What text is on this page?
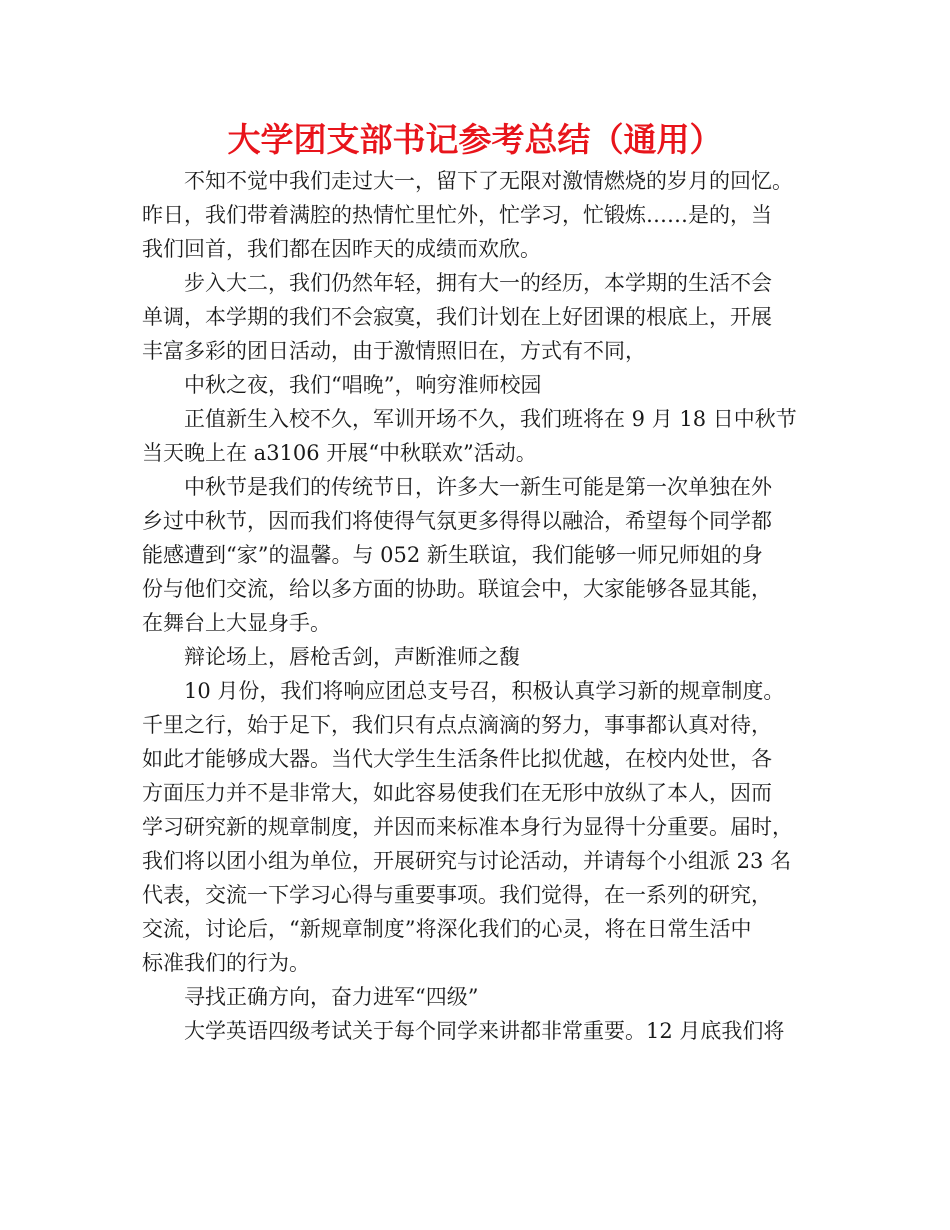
大学团支部书记参考总结（通用）
不知不觉中我们走过大一，留下了无限对激情燃烧的岁月的回忆。
昨日，我们带着满腔的热情忙里忙外，忙学习，忙锻炼……是的，当
我们回首，我们都在因昨天的成绩而欢欣。
步入大二，我们仍然年轻，拥有大一的经历，本学期的生活不会
单调，本学期的我们不会寂寞，我们计划在上好团课的根底上，开展
丰富多彩的团日活动，由于激情照旧在，方式有不同，
中秋之夜，我们“唱晚”，响穷淮师校园
正值新生入校不久，军训开场不久，我们班将在 9 月 18 日中秋节
当天晚上在 a3106 开展“中秋联欢”活动。
中秋节是我们的传统节日，许多大一新生可能是第一次单独在外
乡过中秋节，因而我们将使得气氛更多得得以融洽，希望每个同学都
能感遭到“家”的温馨。与 052 新生联谊，我们能够一师兄师姐的身
份与他们交流，给以多方面的协助。联谊会中，大家能够各显其能，
在舞台上大显身手。
辩论场上，唇枪舌剑，声断淮师之馥
10 月份，我们将响应团总支号召，积极认真学习新的规章制度。
千里之行，始于足下，我们只有点点滴滴的努力，事事都认真对待，
如此才能够成大器。当代大学生生活条件比拟优越，在校内处世，各
方面压力并不是非常大，如此容易使我们在无形中放纵了本人，因而
学习研究新的规章制度，并因而来标准本身行为显得十分重要。届时，
我们将以团小组为单位，开展研究与讨论活动，并请每个小组派 23 名
代表，交流一下学习心得与重要事项。我们觉得，在一系列的研究，
交流，讨论后，“新规章制度”将深化我们的心灵，将在日常生活中
标准我们的行为。
寻找正确方向，奋力进军“四级”
大学英语四级考试关于每个同学来讲都非常重要。12 月底我们将
